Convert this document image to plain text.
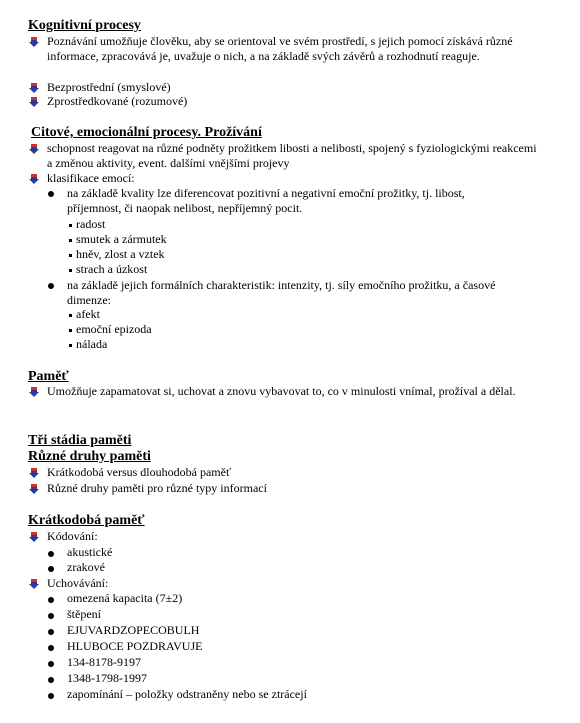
Kognitivní procesy
Poznávání umožňuje člověku, aby se orientoval ve svém prostředí, s jejich pomocí získává různé informace, zpracovává je, uvažuje o nich, a na základě svých závěrů a rozhodnutí reaguje.
Bezprostřední (smyslové)
Zprostředkované (rozumové)
Citové, emocionální procesy. Prožívání
schopnost reagovat na různé podněty prožitkem libosti a nelibosti, spojený s fyziologickými reakcemi a změnou aktivity, event. dalšími vnějšími projevy
klasifikace emocí:
na základě kvality lze diferencovat pozitivní a negativní emoční prožitky, tj. libost, příjemnost, či naopak nelibost, nepříjemný pocit.
radost
smutek a zármutek
hněv, zlost a vztek
strach a úzkost
na základě jejich formálních charakteristik: intenzity, tj. síly emočního prožitku, a časové dimenze:
afekt
emoční epizoda
nálada
Paměť
Umožňuje zapamatovat si, uchovat a znovu vybavovat to, co v minulosti vnímal, prožíval a dělal.
Tři stádia paměti
Různé druhy paměti
Krátkodobá versus dlouhodobá paměť
Různé druhy paměti pro různé typy informací
Krátkodobá paměť
Kódování:
akustické
zrakové
Uchovávání:
omezená kapacita (7±2)
štěpení
EJUVARDZOPECOBULH
HLUBOCE POZDRAVUJE
134-8178-9197
1348-1798-1997
zapomínání – položky odstraněny nebo se ztrácejí
